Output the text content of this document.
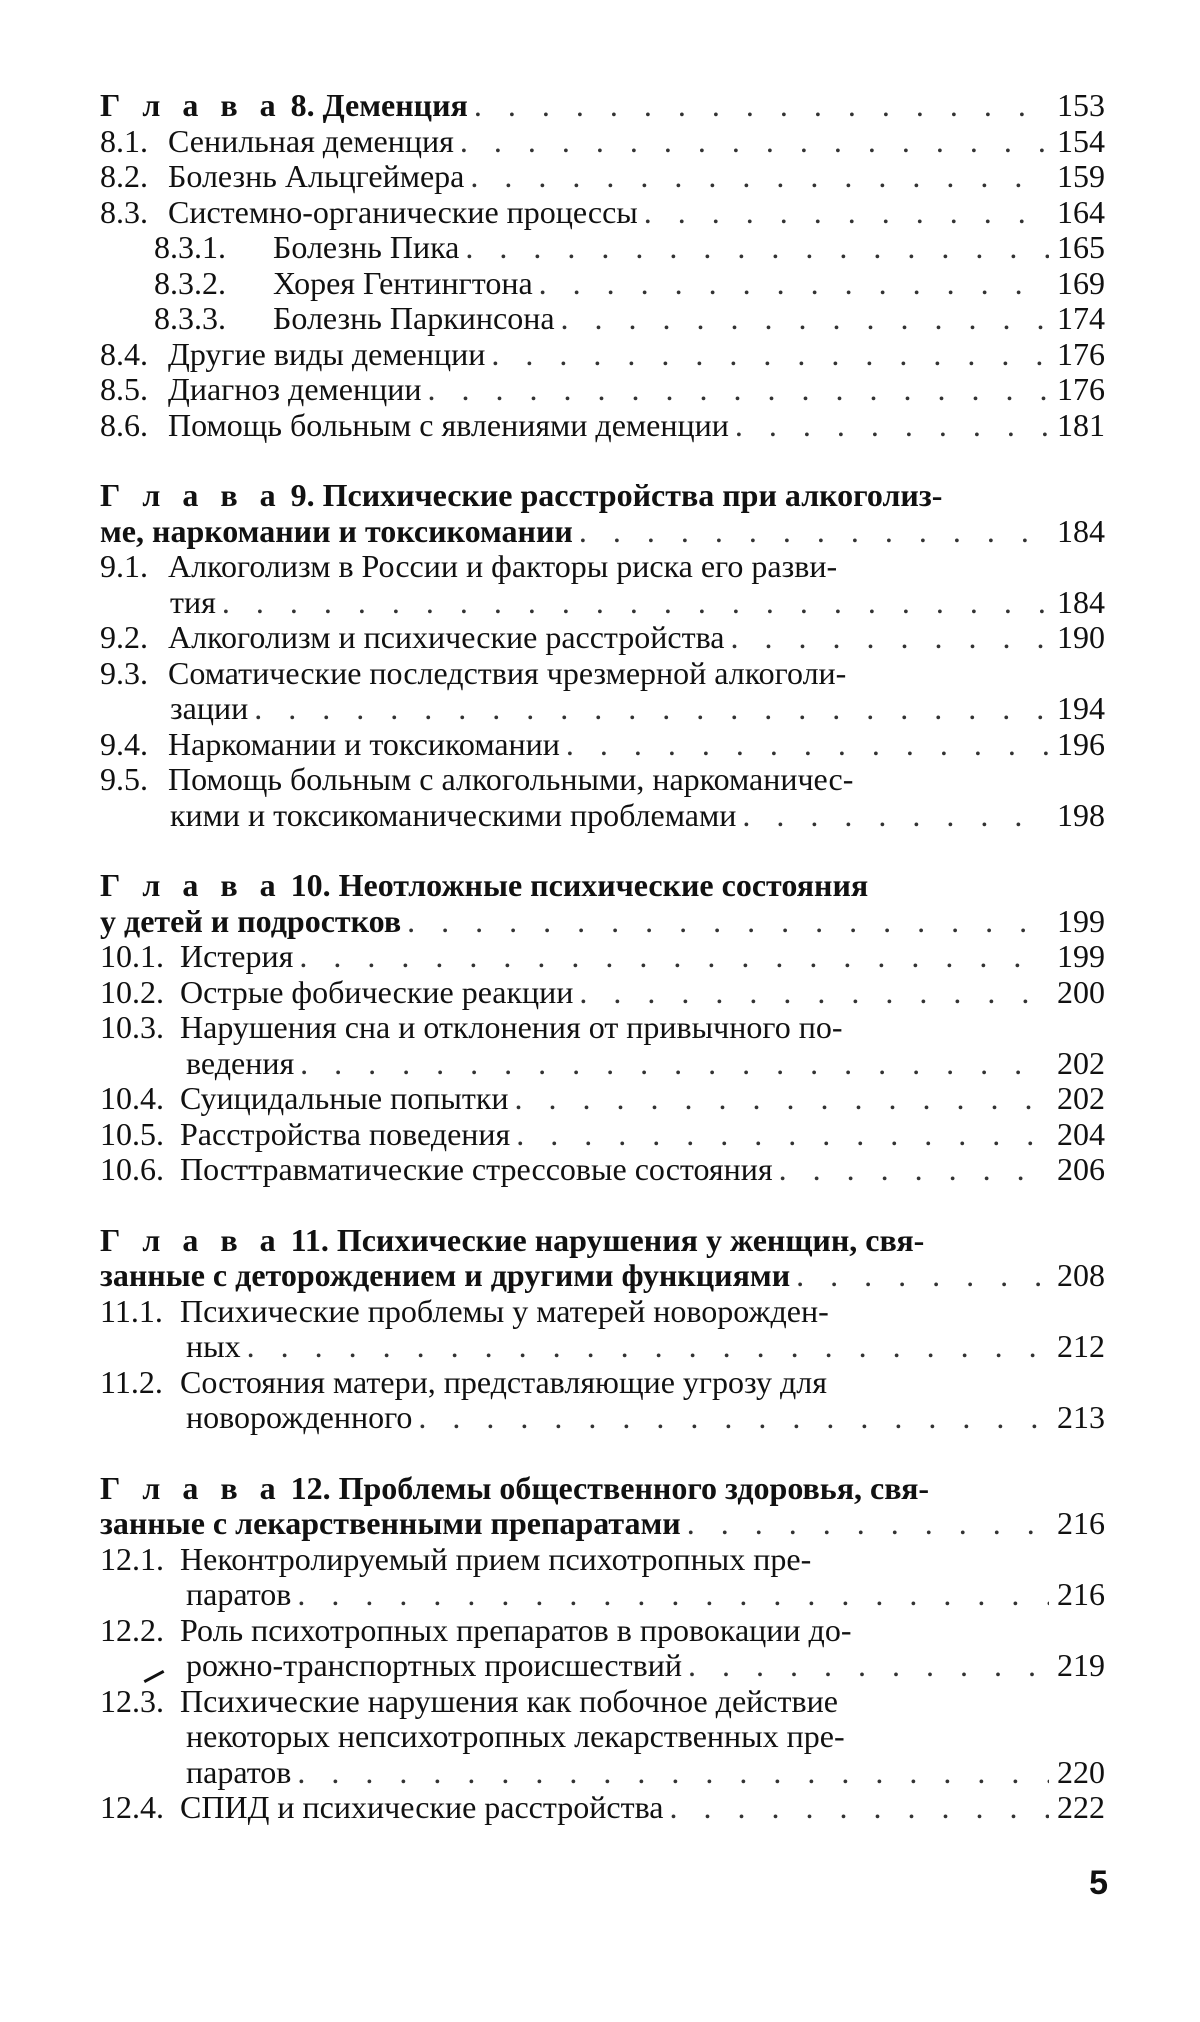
Г л а в а 8. Деменция . . .	153
8.1. Сенильная деменция . . .	154
8.2. Болезнь Альцгеймера . . .	159
8.3. Системно-органические процессы . . .	164
8.3.1.	Болезнь Пика . . .	165
8.3.2.	Хорея Гентингтона . . .	169
8.3.3.	Болезнь Паркинсона . . .	174
8.4. Другие виды деменции . . .	176
8.5. Диагноз деменции . . .	176
8.6. Помощь больным с явлениями деменции . . .	181
Г л а в а 9. Психические расстройства при алкоголиз-
ме, наркомании и токсикомании . . .	184
9.1. Алкоголизм в России и факторы риска его разви-
тия . . .	184
9.2. Алкоголизм и психические расстройства . . .	190
9.3. Соматические последствия чрезмерной алкоголи-
зации . . .	194
9.4. Наркомании и токсикомании . . .	196
9.5. Помощь больным с алкогольными, наркоманичес-
кими и токсикоманическими проблемами . . .	198
Г л а в а 10. Неотложные психические состояния
у детей и подростков . . .	199
10.1. Истерия . . .	199
10.2. Острые фобические реакции . . .	200
10.3. Нарушения сна и отклонения от привычного по-
ведения . . .	202
10.4. Суицидальные попытки . . .	202
10.5. Расстройства поведения . . .	204
10.6. Посттравматические стрессовые состояния . . .	206
Г л а в а 11. Психические нарушения у женщин, свя-
занные с деторождением и другими функциями . . .	208
11.1. Психические проблемы у матерей новорожден-
ных . . .	212
11.2. Состояния матери, представляющие угрозу для
новорожденного . . .	213
Г л а в а 12. Проблемы общественного здоровья, свя-
занные с лекарственными препаратами . . .	216
12.1. Неконтролируемый прием психотропных пре-
паратов . . .	216
12.2. Роль психотропных препаратов в провокации до-
рожно-транспортных происшествий . . .	219
12.3. Психические нарушения как побочное действие
некоторых непсихотропных лекарственных пре-
паратов . . .	220
12.4. СПИД и психические расстройства . . .	222
5
